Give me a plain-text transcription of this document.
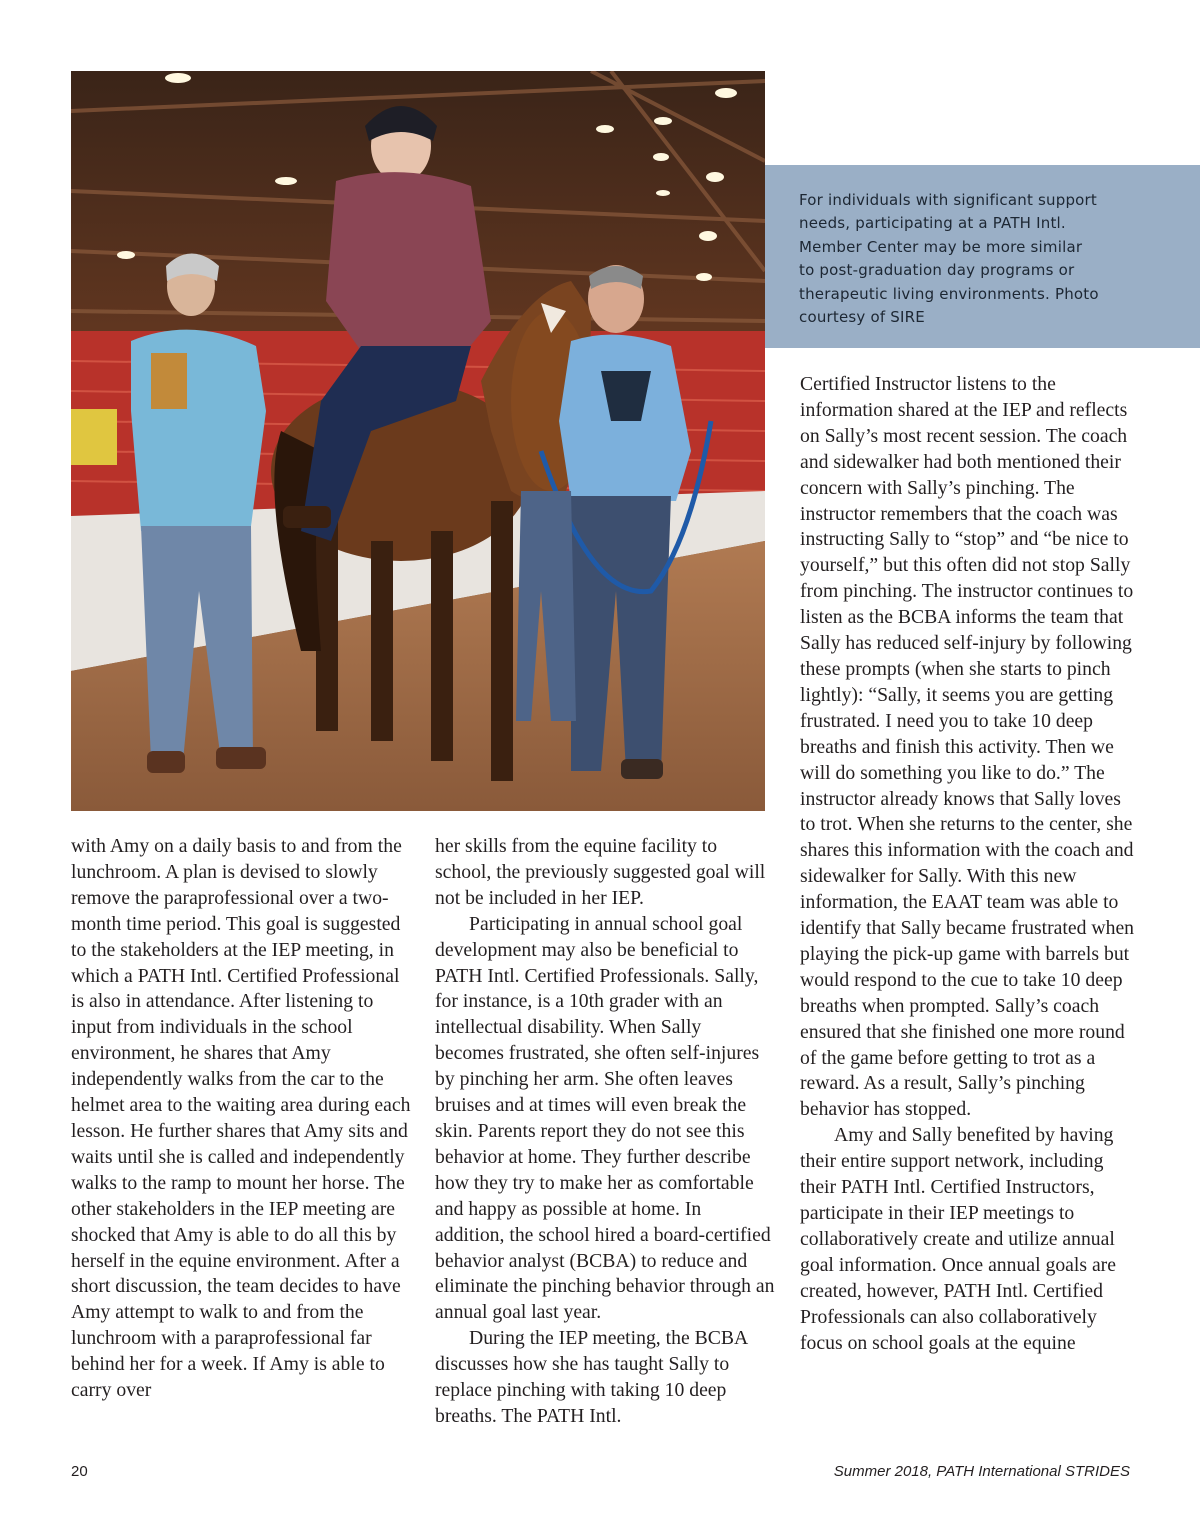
For individuals with significant support needs, participating at a PATH Intl. Member Center may be more similar to post-graduation day programs or therapeutic living environments. Photo courtesy of SIRE

with Amy on a daily basis to and from the lunchroom. A plan is devised to slowly remove the paraprofessional over a two-month time period. This goal is suggested to the stakeholders at the IEP meeting, in which a PATH Intl. Certified Professional is also in attendance. After listening to input from individuals in the school environment, he shares that Amy independently walks from the car to the helmet area to the waiting area during each lesson. He further shares that Amy sits and waits until she is called and independently walks to the ramp to mount her horse. The other stakeholders in the IEP meeting are shocked that Amy is able to do all this by herself in the equine environment. After a short discussion, the team decides to have Amy attempt to walk to and from the lunchroom with a paraprofessional far behind her for a week. If Amy is able to carry over

her skills from the equine facility to school, the previously suggested goal will not be included in her IEP.

Participating in annual school goal development may also be beneficial to PATH Intl. Certified Professionals. Sally, for instance, is a 10th grader with an intellectual disability. When Sally becomes frustrated, she often self-injures by pinching her arm. She often leaves bruises and at times will even break the skin. Parents report they do not see this behavior at home. They further describe how they try to make her as comfortable and happy as possible at home. In addition, the school hired a board-certified behavior analyst (BCBA) to reduce and eliminate the pinching behavior through an annual goal last year.

During the IEP meeting, the BCBA discusses how she has taught Sally to replace pinching with taking 10 deep breaths. The PATH Intl.

Certified Instructor listens to the information shared at the IEP and reflects on Sally’s most recent session. The coach and sidewalker had both mentioned their concern with Sally’s pinching. The instructor remembers that the coach was instructing Sally to “stop” and “be nice to yourself,” but this often did not stop Sally from pinching. The instructor continues to listen as the BCBA informs the team that Sally has reduced self-injury by following these prompts (when she starts to pinch lightly): “Sally, it seems you are getting frustrated. I need you to take 10 deep breaths and finish this activity. Then we will do something you like to do.” The instructor already knows that Sally loves to trot. When she returns to the center, she shares this information with the coach and sidewalker for Sally. With this new information, the EAAT team was able to identify that Sally became frustrated when playing the pick-up game with barrels but would respond to the cue to take 10 deep breaths when prompted. Sally’s coach ensured that she finished one more round of the game before getting to trot as a reward. As a result, Sally’s pinching behavior has stopped.

Amy and Sally benefited by having their entire support network, including their PATH Intl. Certified Instructors, participate in their IEP meetings to collaboratively create and utilize annual goal information. Once annual goals are created, however, PATH Intl. Certified Professionals can also collaboratively focus on school goals at the equine

20	Summer 2018, PATH International STRIDES
